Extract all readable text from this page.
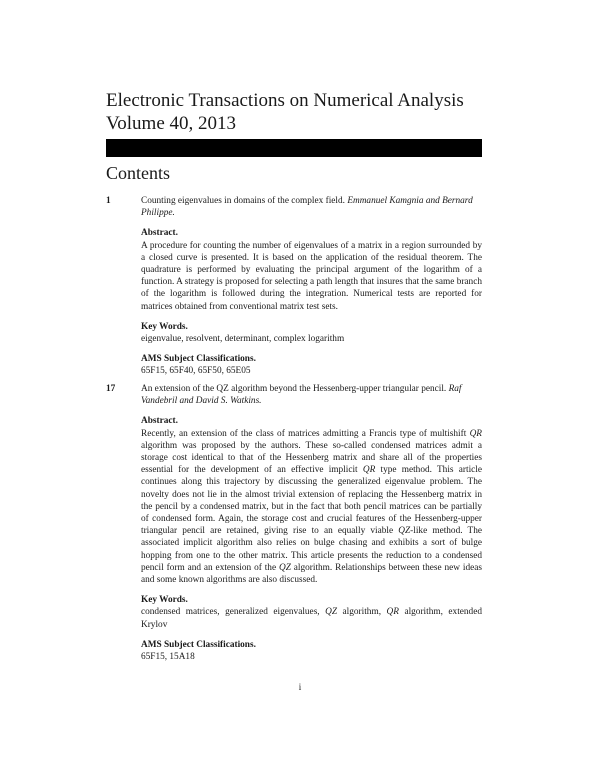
Electronic Transactions on Numerical Analysis
Volume 40, 2013
Contents
1	Counting eigenvalues in domains of the complex field. Emmanuel Kamgnia and Bernard Philippe.
Abstract.
A procedure for counting the number of eigenvalues of a matrix in a region surrounded by a closed curve is presented. It is based on the application of the residual theorem. The quadrature is performed by evaluating the principal argument of the logarithm of a function. A strategy is proposed for selecting a path length that insures that the same branch of the logarithm is followed during the integration. Numerical tests are reported for matrices obtained from conventional matrix test sets.
Key Words.
eigenvalue, resolvent, determinant, complex logarithm
AMS Subject Classifications.
65F15, 65F40, 65F50, 65E05
17	An extension of the QZ algorithm beyond the Hessenberg-upper triangular pencil. Raf Vandebril and David S. Watkins.
Abstract.
Recently, an extension of the class of matrices admitting a Francis type of multishift QR algorithm was proposed by the authors. These so-called condensed matrices admit a storage cost identical to that of the Hessenberg matrix and share all of the properties essential for the development of an effective implicit QR type method. This article continues along this trajectory by discussing the generalized eigenvalue problem. The novelty does not lie in the almost trivial extension of replacing the Hessenberg matrix in the pencil by a condensed matrix, but in the fact that both pencil matrices can be partially of condensed form. Again, the storage cost and crucial features of the Hessenberg-upper triangular pencil are retained, giving rise to an equally viable QZ-like method. The associated implicit algorithm also relies on bulge chasing and exhibits a sort of bulge hopping from one to the other matrix. This article presents the reduction to a condensed pencil form and an extension of the QZ algorithm. Relationships between these new ideas and some known algorithms are also discussed.
Key Words.
condensed matrices, generalized eigenvalues, QZ algorithm, QR algorithm, extended Krylov
AMS Subject Classifications.
65F15, 15A18
i
